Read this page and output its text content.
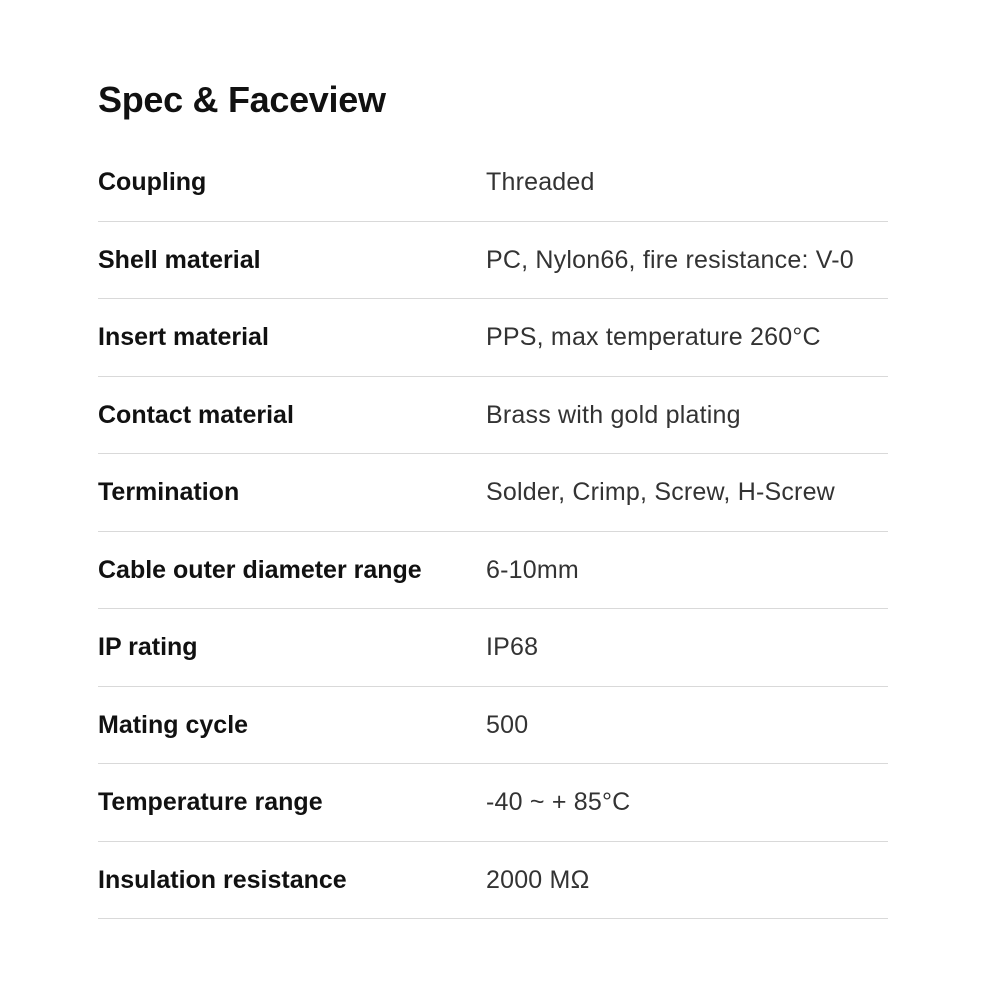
Spec & Faceview
Coupling	Threaded
Shell material	PC, Nylon66, fire resistance: V-0
Insert material	PPS, max temperature 260°C
Contact material	Brass with gold plating
Termination	Solder, Crimp, Screw, H-Screw
Cable outer diameter range	6-10mm
IP rating	IP68
Mating cycle	500
Temperature range	-40 ~ + 85°C
Insulation resistance	2000 MΩ
